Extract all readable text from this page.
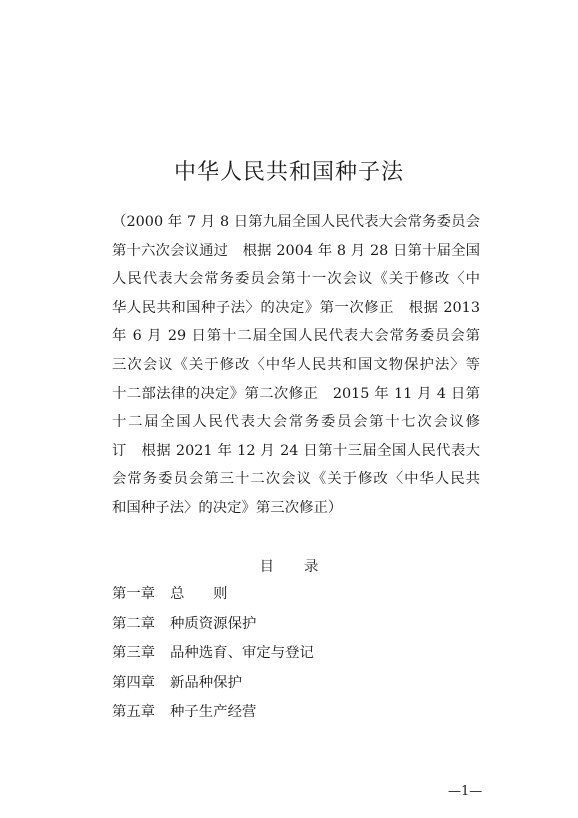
中华人民共和国种子法
（2000 年 7 月 8 日第九届全国人民代表大会常务委员会
第十六次会议通过　根据 2004 年 8 月 28 日第十届全国
人民代表大会常务委员会第十一次会议《关于修改〈中
华人民共和国种子法〉的决定》第一次修正　根据 2013
年 6 月 29 日第十二届全国人民代表大会常务委员会第
三次会议《关于修改〈中华人民共和国文物保护法〉等
十二部法律的决定》第二次修正　2015 年 11 月 4 日第
十二届全国人民代表大会常务委员会第十七次会议修
订　根据 2021 年 12 月 24 日第十三届全国人民代表大
会常务委员会第三十二次会议《关于修改〈中华人民共
和国种子法〉的决定》第三次修正）
目 录
第一章 总　　则
第二章 种质资源保护
第三章 品种选育、审定与登记
第四章 新品种保护
第五章 种子生产经营
—1—
